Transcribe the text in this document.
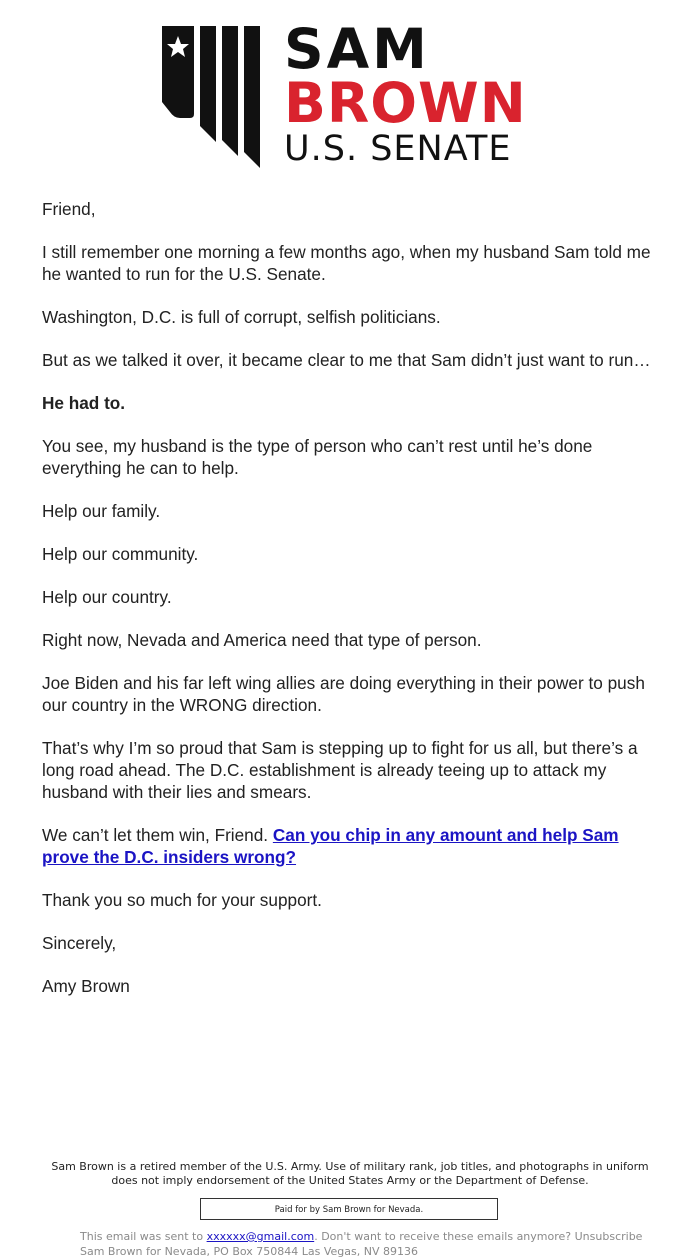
SAM
BROWN
U.S. SENATE

Friend,

I still remember one morning a few months ago, when my husband Sam told me he wanted to run for the U.S. Senate.

Washington, D.C. is full of corrupt, selfish politicians.

But as we talked it over, it became clear to me that Sam didn’t just want to run…

He had to.

You see, my husband is the type of person who can’t rest until he’s done everything he can to help.

Help our family.

Help our community.

Help our country.

Right now, Nevada and America need that type of person.

Joe Biden and his far left wing allies are doing everything in their power to push our country in the WRONG direction.

That’s why I’m so proud that Sam is stepping up to fight for us all, but there’s a long road ahead. The D.C. establishment is already teeing up to attack my husband with their lies and smears.

We can’t let them win, Friend. Can you chip in any amount and help Sam prove the D.C. insiders wrong?

Thank you so much for your support.

Sincerely,

Amy Brown

Sam Brown is a retired member of the U.S. Army. Use of military rank, job titles, and photographs in uniform does not imply endorsement of the United States Army or the Department of Defense.
Paid for by Sam Brown for Nevada.
This email was sent to xxxxxx@gmail.com. Don't want to receive these emails anymore? Unsubscribe
Sam Brown for Nevada, PO Box 750844 Las Vegas, NV 89136
